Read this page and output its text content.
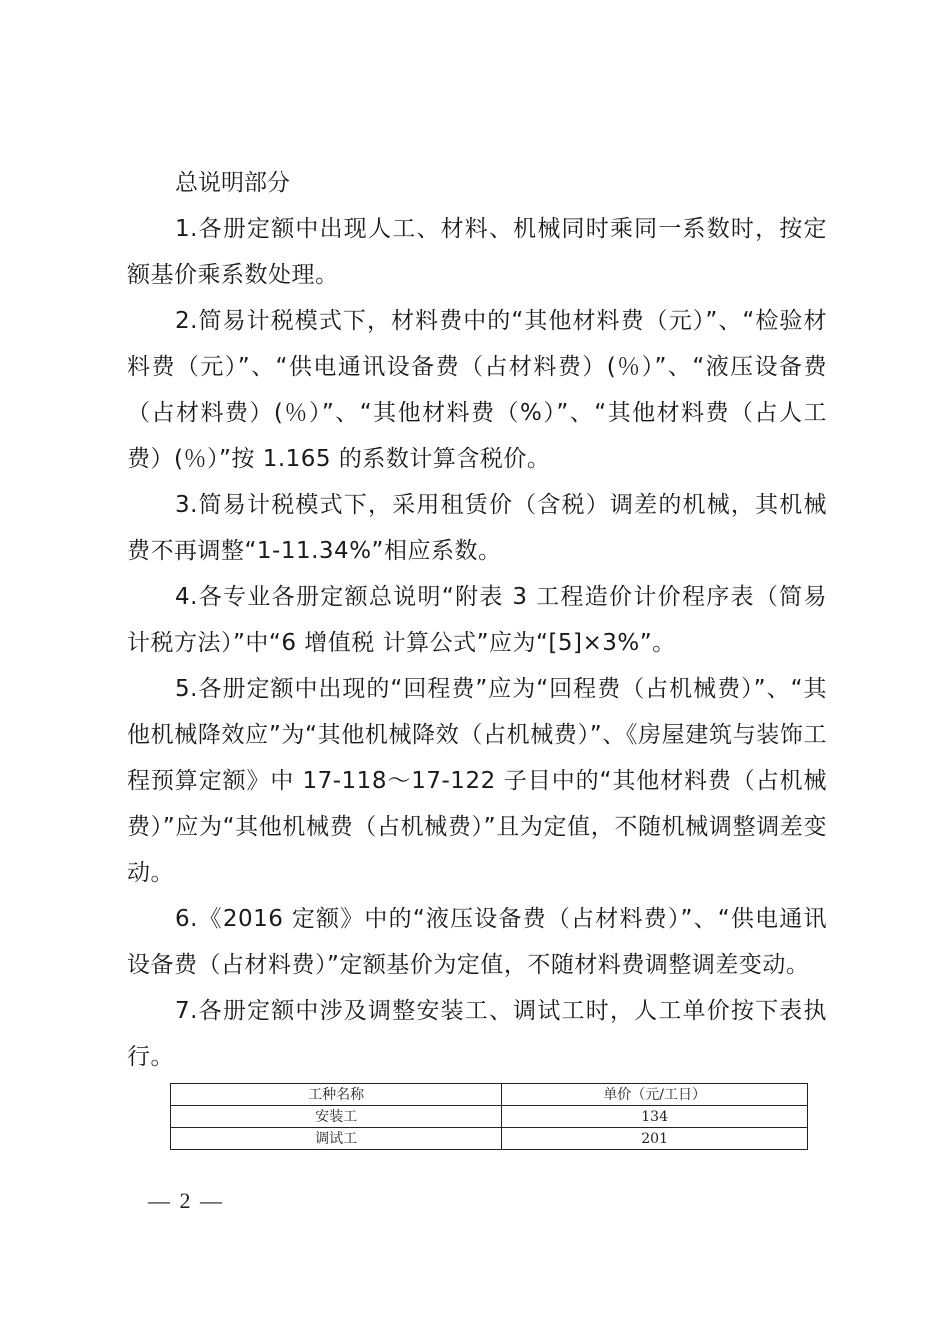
总说明部分

1.各册定额中出现人工、材料、机械同时乘同一系数时，按定额基价乘系数处理。

2.简易计税模式下，材料费中的“其他材料费（元）”、“检验材料费（元）”、“供电通讯设备费（占材料费）(％）”、“液压设备费（占材料费）(％）”、“其他材料费（%）”、“其他材料费（占人工费）(％）”按 1.165 的系数计算含税价。

3.简易计税模式下，采用租赁价（含税）调差的机械，其机械费不再调整“1-11.34%”相应系数。

4.各专业各册定额总说明“附表 3 工程造价计价程序表（简易计税方法）”中“6 增值税 计算公式”应为“[5]×3%”。

5.各册定额中出现的“回程费”应为“回程费（占机械费）”、“其他机械降效应”为“其他机械降效（占机械费）”、《房屋建筑与装饰工程预算定额》中 17-118～17-122 子目中的“其他材料费（占机械费）”应为“其他机械费（占机械费）”且为定值，不随机械调整调差变动。

6.《2016 定额》中的“液压设备费（占材料费）”、“供电通讯设备费（占材料费）”定额基价为定值，不随材料费调整调差变动。

7.各册定额中涉及调整安装工、调试工时，人工单价按下表执行。

工种名称	单价（元/工日）
安装工	134
调试工	201
— 2 —
